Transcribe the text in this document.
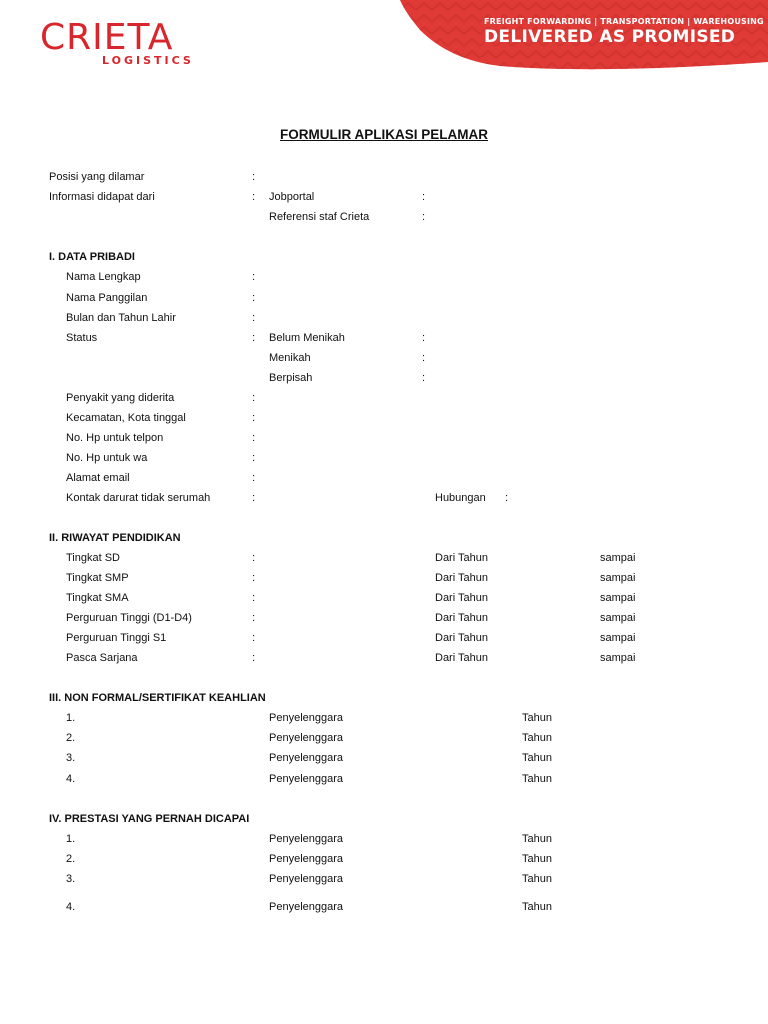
CRIETA
LOGISTICS
FREIGHT FORWARDING | TRANSPORTATION | WAREHOUSING
DELIVERED AS PROMISED
FORMULIR APLIKASI PELAMAR
Posisi yang dilamar	:
Informasi didapat dari	: Jobportal	:
Referensi staf Crieta	:
I. DATA PRIBADI
Nama Lengkap	:
Nama Panggilan	:
Bulan dan Tahun Lahir	:
Status	: Belum Menikah	:
Menikah	:
Berpisah	:
Penyakit yang diderita	:
Kecamatan, Kota tinggal	:
No. Hp untuk telpon	:
No. Hp untuk wa	:
Alamat email	:
Kontak darurat tidak serumah	:	Hubungan :
II. RIWAYAT PENDIDIKAN
Tingkat SD	:	Dari Tahun	sampai
Tingkat SMP	:	Dari Tahun	sampai
Tingkat SMA	:	Dari Tahun	sampai
Perguruan Tinggi (D1-D4)	:	Dari Tahun	sampai
Perguruan Tinggi S1	:	Dari Tahun	sampai
Pasca Sarjana	:	Dari Tahun	sampai
III. NON FORMAL/SERTIFIKAT KEAHLIAN
1.	Penyelenggara	Tahun
2.	Penyelenggara	Tahun
3.	Penyelenggara	Tahun
4.	Penyelenggara	Tahun
IV. PRESTASI YANG PERNAH DICAPAI
1.	Penyelenggara	Tahun
2.	Penyelenggara	Tahun
3.	Penyelenggara	Tahun
4.	Penyelenggara	Tahun
